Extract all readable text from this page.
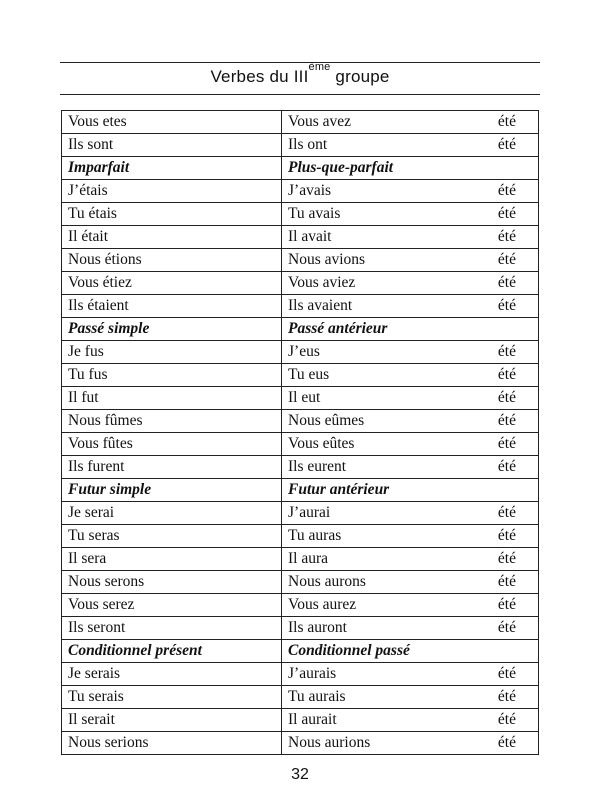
Verbes du IIIème groupe
Vous etes	Vous avez	été
Ils sont	Ils ont	été
Imparfait	Plus-que-parfait	
J’étais	J’avais	été
Tu étais	Tu avais	été
Il était	Il avait	été
Nous étions	Nous avions	été
Vous étiez	Vous aviez	été
Ils étaient	Ils avaient	été
Passé simple	Passé antérieur	
Je fus	J’eus	été
Tu fus	Tu eus	été
Il fut	Il eut	été
Nous fûmes	Nous eûmes	été
Vous fûtes	Vous eûtes	été
Ils furent	Ils eurent	été
Futur simple	Futur antérieur	
Je serai	J’aurai	été
Tu seras	Tu auras	été
Il sera	Il aura	été
Nous serons	Nous aurons	été
Vous serez	Vous aurez	été
Ils seront	Ils auront	été
Conditionnel présent	Conditionnel passé	
Je serais	J’aurais	été
Tu serais	Tu aurais	été
Il serait	Il aurait	été
Nous serions	Nous aurions	été
32
